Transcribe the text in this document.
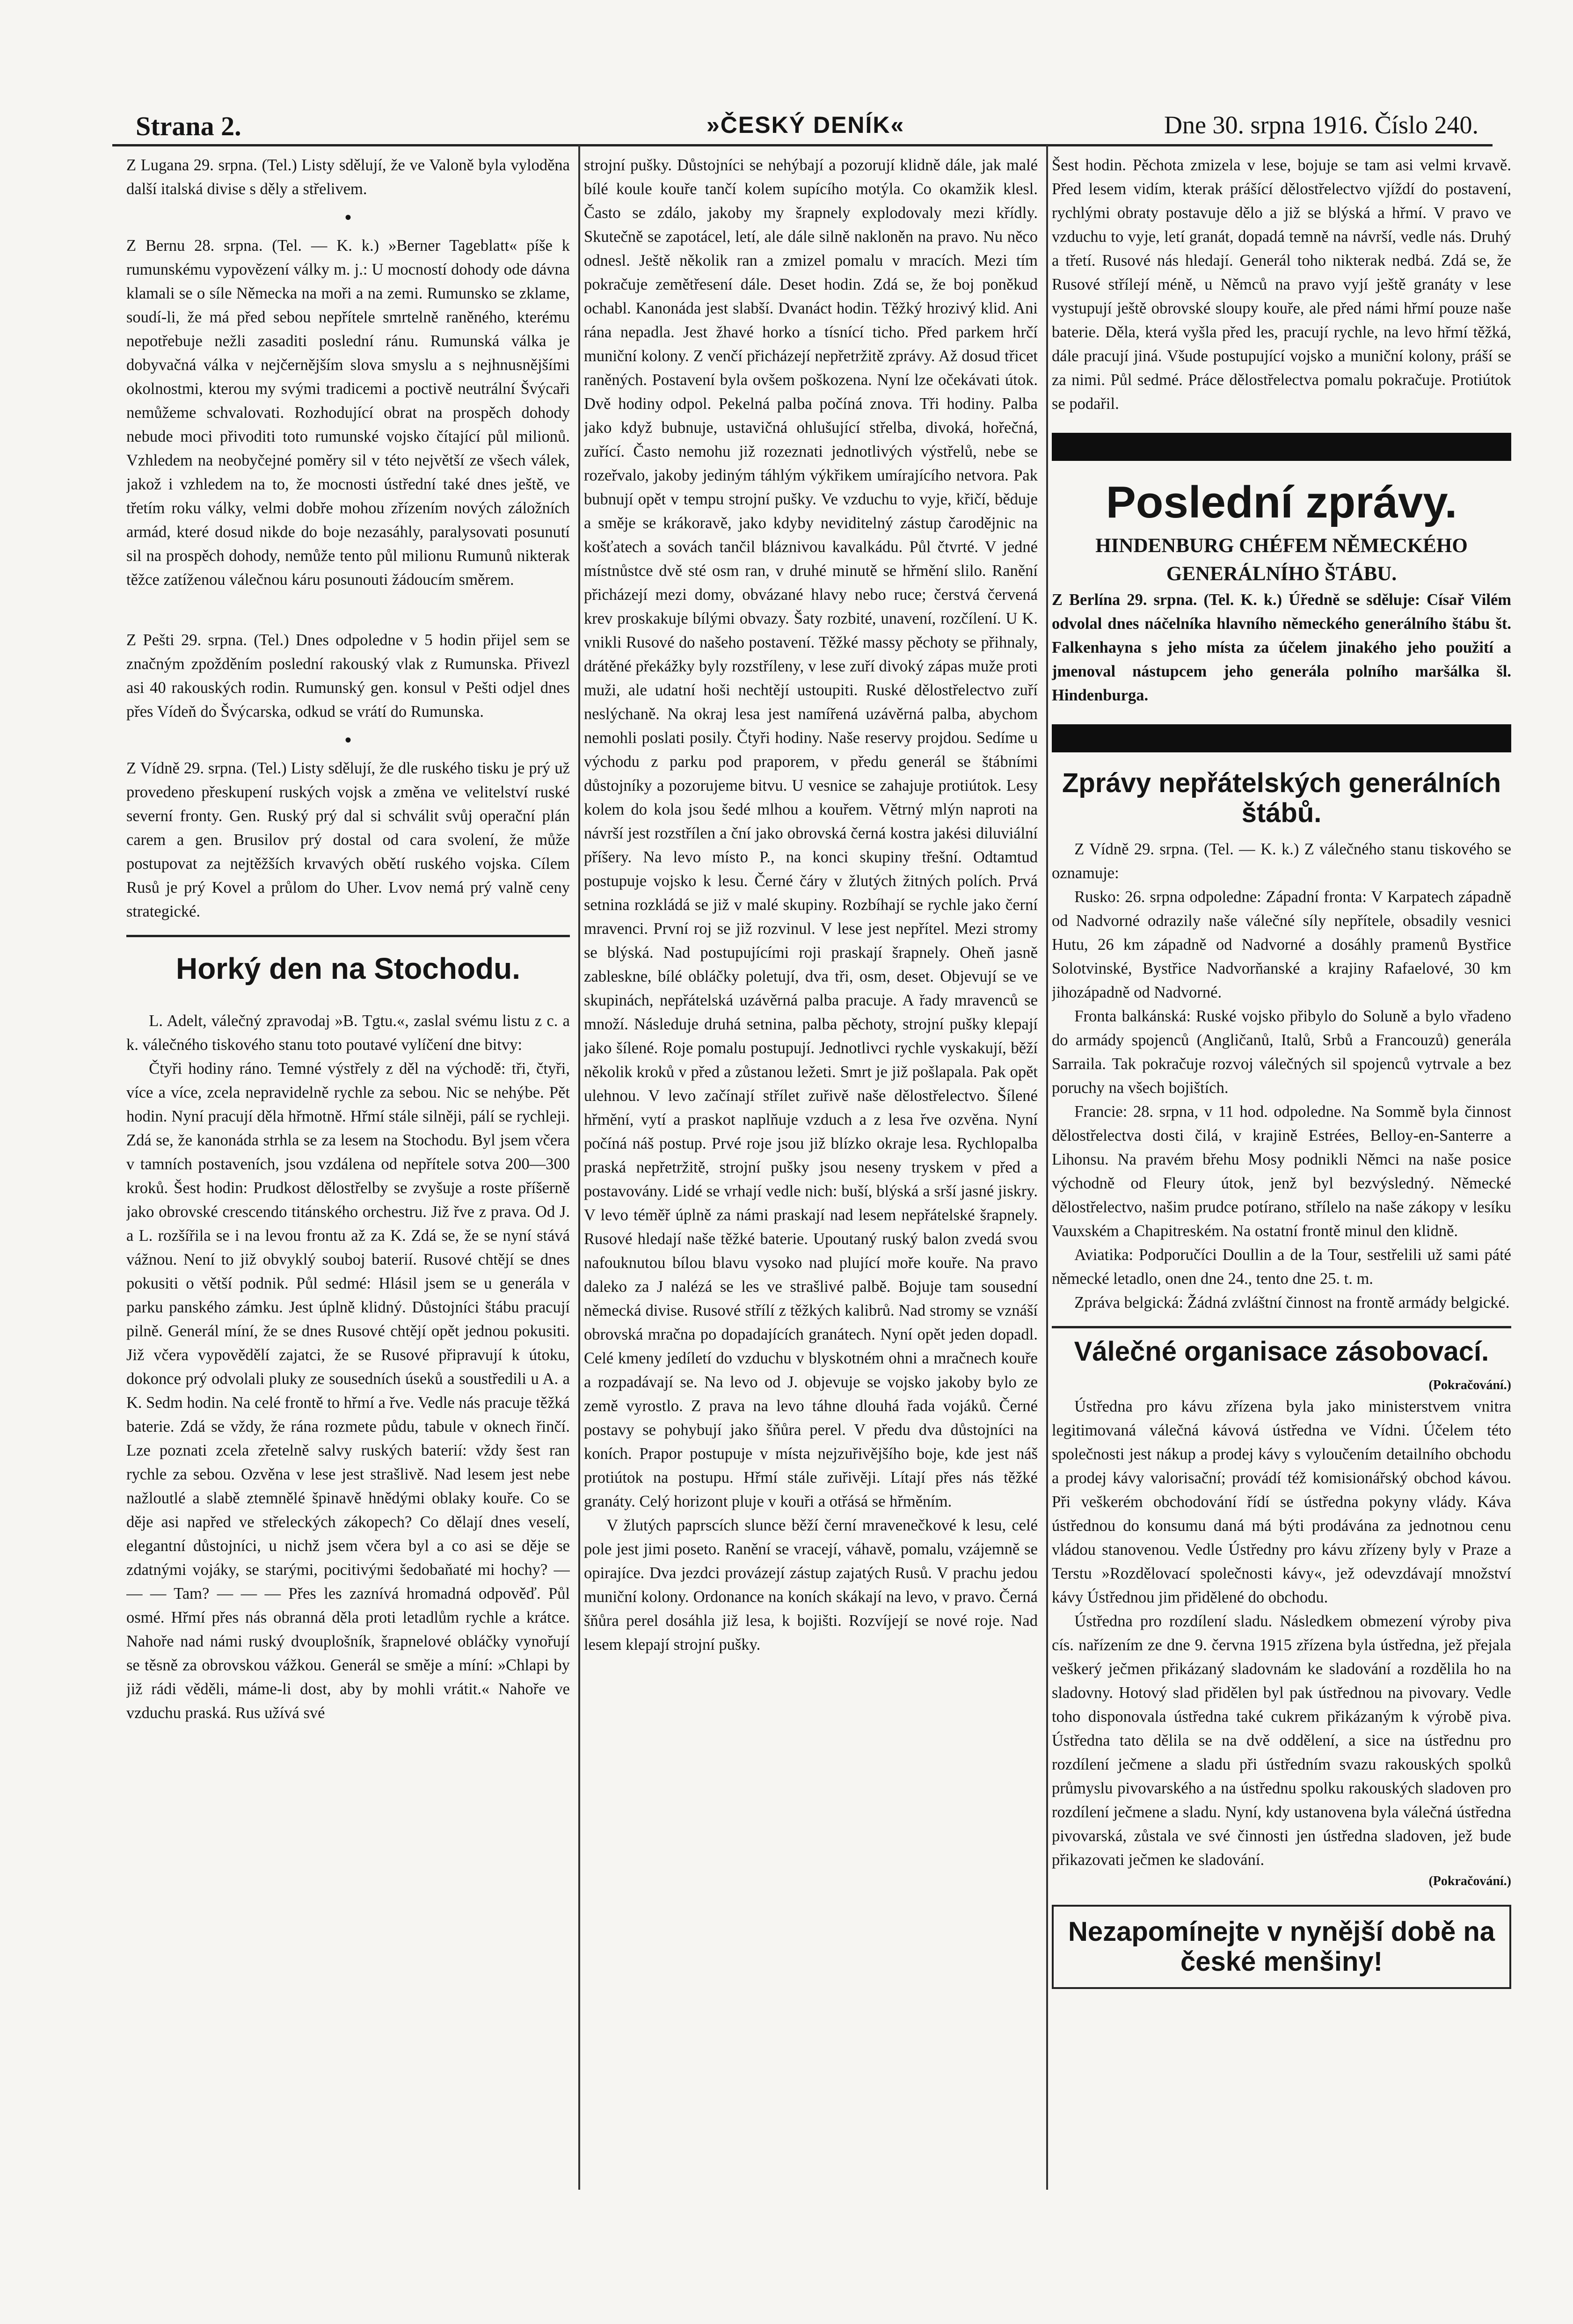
Strana 2.	»ČESKÝ DENÍK«	Dne 30. srpna 1916. Číslo 240.

Z Lugana 29. srpna. (Tel.) Listy sdělují, že ve Valoně byla vyloděna další italská divise s děly a střelivem.

•

Z Bernu 28. srpna. (Tel. — K. k.) »Berner Tageblatt« píše k rumunskému vypovězení války m. j.: U mocností dohody ode dávna klamali se o síle Německa na moři a na zemi. Rumunsko se zklame, soudí-li, že má před sebou nepřítele smrtelně raněného, kterému nepotřebuje nežli zasaditi poslední ránu. Rumunská válka je dobyvačná válka v nejčernějším slova smyslu a s nejhnusnějšími okolnostmi, kterou my svými tradicemi a poctivě neutrální Švýcaři nemůžeme schvalovati. Rozhodující obrat na prospěch dohody nebude moci přivoditi toto rumunské vojsko čítající půl milionů. Vzhledem na neobyčejné poměry sil v této největší ze všech válek, jakož i vzhledem na to, že mocnosti ústřední také dnes ještě, ve třetím roku války, velmi dobře mohou zřízením nových záložních armád, které dosud nikde do boje nezasáhly, paralysovati posunutí sil na prospěch dohody, nemůže tento půl milionu Rumunů nikterak těžce zatíženou válečnou káru posunouti žádoucím směrem.

Z Pešti 29. srpna. (Tel.) Dnes odpoledne v 5 hodin přijel sem se značným zpožděním poslední rakouský vlak z Rumunska. Přivezl asi 40 rakouských rodin. Rumunský gen. konsul v Pešti odjel dnes přes Vídeň do Švýcarska, odkud se vrátí do Rumunska.

•

Z Vídně 29. srpna. (Tel.) Listy sdělují, že dle ruského tisku je prý už provedeno přeskupení ruských vojsk a změna ve velitelství ruské severní fronty. Gen. Ruský prý dal si schválit svůj operační plán carem a gen. Brusilov prý dostal od cara svolení, že může postupovat za nejtěžších krvavých obětí ruského vojska. Cílem Rusů je prý Kovel a průlom do Uher. Lvov nemá prý valně ceny strategické.

Horký den na Stochodu.

L. Adelt, válečný zpravodaj »B. Tgtu.«, zaslal svému listu z c. a k. válečného tiskového stanu toto poutavé vylíčení dne bitvy:

Čtyři hodiny ráno. Temné výstřely z děl na východě: tři, čtyři, více a více, zcela nepravidelně rychle za sebou. Nic se nehýbe. Pět hodin. Nyní pracují děla hřmotně. Hřmí stále silněji, pálí se rychleji. Zdá se, že kanonáda strhla se za lesem na Stochodu. Byl jsem včera v tamních postaveních, jsou vzdálena od nepřítele sotva 200—300 kroků. Šest hodin: Prudkost dělostřelby se zvyšuje a roste příšerně jako obrovské crescendo titánského orchestru. Již řve z prava. Od J. a L. rozšířila se i na levou frontu až za K. Zdá se, že se nyní stává vážnou. Není to již obvyklý souboj baterií. Rusové chtějí se dnes pokusiti o větší podnik. Půl sedmé: Hlásil jsem se u generála v parku panského zámku. Jest úplně klidný. Důstojníci štábu pracují pilně. Generál míní, že se dnes Rusové chtějí opět jednou pokusiti. Již včera vypovědělí zajatci, že se Rusové připravují k útoku, dokonce prý odvolali pluky ze sousedních úseků a soustředili u A. a K. Sedm hodin. Na celé frontě to hřmí a řve. Vedle nás pracuje těžká baterie. Zdá se vždy, že rána rozmete půdu, tabule v oknech řinčí. Lze poznati zcela zřetelně salvy ruských baterií: vždy šest ran rychle za sebou. Ozvěna v lese jest strašlivě. Nad lesem jest nebe nažloutlé a slabě ztemnělé špinavě hnědými oblaky kouře. Co se děje asi napřed ve střeleckých zákopech? Co dělají dnes veselí, elegantní důstojníci, u nichž jsem včera byl a co asi se děje se zdatnými vojáky, se starými, pocitivými šedobaňaté mi hochy? — — — Tam? — — — Přes les zaznívá hromadná odpověď. Půl osmé. Hřmí přes nás obranná děla proti letadlům rychle a krátce. Nahoře nad námi ruský dvouplošník, šrapnelové obláčky vynořují se těsně za obrovskou vážkou. Generál se směje a míní: »Chlapi by již rádi věděli, máme-li dost, aby by mohli vrátit.« Nahoře ve vzduchu praská. Rus užívá své

strojní pušky. Důstojníci se nehýbají a pozorují klidně dále, jak malé bílé koule kouře tančí kolem supícího motýla. Co okamžik klesl. Často se zdálo, jakoby my šrapnely explodovaly mezi křídly. Skutečně se zapotácel, letí, ale dále silně nakloněn na pravo. Nu něco odnesl. Ještě několik ran a zmizel pomalu v mracích. Mezi tím pokračuje zemětřesení dále. Deset hodin. Zdá se, že boj poněkud ochabl. Kanonáda jest slabší. Dvanáct hodin. Těžký hrozivý klid. Ani rána nepadla. Jest žhavé horko a tísnící ticho. Před parkem hrčí muniční kolony. Z venčí přicházejí nepřetržitě zprávy. Až dosud třicet raněných. Postavení byla ovšem poškozena. Nyní lze očekávati útok. Dvě hodiny odpol. Pekelná palba počíná znova. Tři hodiny. Palba jako když bubnuje, ustavičná ohlušující střelba, divoká, hořečná, zuřící. Často nemohu již rozeznati jednotlivých výstřelů, nebe se rozeřvalo, jakoby jediným táhlým výkřikem umírajícího netvora. Pak bubnují opět v tempu strojní pušky. Ve vzduchu to vyje, křičí, běduje a směje se krákoravě, jako kdyby neviditelný zástup čarodějnic na košťatech a sovách tančil bláznivou kavalkádu. Půl čtvrté. V jedné místnůstce dvě sté osm ran, v druhé minutě se hřmění slilo. Ranění přicházejí mezi domy, obvázané hlavy nebo ruce; čerstvá červená krev proskakuje bílými obvazy. Šaty rozbité, unavení, rozčílení. U K. vnikli Rusové do našeho postavení. Těžké massy pěchoty se přihnaly, drátěné překážky byly rozstříleny, v lese zuří divoký zápas muže proti muži, ale udatní hoši nechtějí ustoupiti. Ruské dělostřelectvo zuří neslýchaně. Na okraj lesa jest namířená uzávěrná palba, abychom nemohli poslati posily. Čtyři hodiny. Naše reservy projdou. Sedíme u východu z parku pod praporem, v předu generál se štábními důstojníky a pozorujeme bitvu. U vesnice se zahajuje protiútok. Lesy kolem do kola jsou šedé mlhou a kouřem. Větrný mlýn naproti na návrší jest rozstřílen a ční jako obrovská černá kostra jakési diluviální příšery. Na levo místo P., na konci skupiny třešní. Odtamtud postupuje vojsko k lesu. Černé čáry v žlutých žitných polích. Prvá setnina rozkládá se již v malé skupiny. Rozbíhají se rychle jako černí mravenci. První roj se již rozvinul. V lese jest nepřítel. Mezi stromy se blýská. Nad postupujícími roji praskají šrapnely. Oheň jasně zableskne, bílé obláčky poletují, dva tři, osm, deset. Objevují se ve skupinách, nepřátelská uzávěrná palba pracuje. A řady mravenců se množí. Následuje druhá setnina, palba pěchoty, strojní pušky klepají jako šílené. Roje pomalu postupují. Jednotlivci rychle vyskakují, běží několik kroků v před a zůstanou ležeti. Smrt je již pošlapala. Pak opět ulehnou. V levo začínají střílet zuřivě naše dělostřelectvo. Šílené hřmění, vytí a praskot naplňuje vzduch a z lesa řve ozvěna. Nyní počíná náš postup. Prvé roje jsou již blízko okraje lesa. Rychlopalba praská nepřetržitě, strojní pušky jsou neseny tryskem v před a postavovány. Lidé se vrhají vedle nich: buší, blýská a srší jasné jiskry. V levo téměř úplně za námi praskají nad lesem nepřátelské šrapnely. Rusové hledají naše těžké baterie. Upoutaný ruský balon zvedá svou nafouknutou bílou blavu vysoko nad plující moře kouře. Na pravo daleko za J nalézá se les ve strašlivé palbě. Bojuje tam sousední německá divise. Rusové střílí z těžkých kalibrů. Nad stromy se vznáší obrovská mračna po dopadajících granátech. Nyní opět jeden dopadl. Celé kmeny jedíletí do vzduchu v blyskotném ohni a mračnech kouře a rozpadávají se. Na levo od J. objevuje se vojsko jakoby bylo ze země vyrostlo. Z prava na levo táhne dlouhá řada vojáků. Černé postavy se pohybují jako šňůra perel. V předu dva důstojníci na koních. Prapor postupuje v místa nejzuřivějšího boje, kde jest náš protiútok na postupu. Hřmí stále zuřivěji. Lítají přes nás těžké granáty. Celý horizont pluje v kouři a otřásá se hřměním.

V žlutých paprscích slunce běží černí mravenečkové k lesu, celé pole jest jimi poseto. Ranění se vracejí, váhavě, pomalu, vzájemně se opirajíce. Dva jezdci provázejí zástup zajatých Rusů. V prachu jedou muniční kolony. Ordonance na koních skákají na levo, v pravo. Černá šňůra perel dosáhla již lesa, k bojišti. Rozvíjejí se nové roje. Nad lesem klepají strojní pušky.

Šest hodin. Pěchota zmizela v lese, bojuje se tam asi velmi krvavě. Před lesem vidím, kterak prášící dělostřelectvo vjíždí do postavení, rychlými obraty postavuje dělo a již se blýská a hřmí. V pravo ve vzduchu to vyje, letí granát, dopadá temně na návrší, vedle nás. Druhý a třetí. Rusové nás hledají. Generál toho nikterak nedbá. Zdá se, že Rusové střílejí méně, u Němců na pravo vyjí ještě granáty v lese vystupují ještě obrovské sloupy kouře, ale před námi hřmí pouze naše baterie. Děla, která vyšla před les, pracují rychle, na levo hřmí těžká, dále pracují jiná. Všude postupující vojsko a muniční kolony, práší se za nimi. Půl sedmé. Práce dělostřelectva pomalu pokračuje. Protiútok se podařil.

Poslední zprávy.
HINDENBURG CHÉFEM NĚMECKÉHO GENERÁLNÍHO ŠTÁBU.

Z Berlína 29. srpna. (Tel. K. k.) Úředně se sděluje: Císař Vilém odvolal dnes náčelníka hlavního německého generálního štábu št. Falkenhayna s jeho místa za účelem jinakého jeho použití a jmenoval nástupcem jeho generála polního maršálka šl. Hindenburga.

Zprávy nepřátelských generálních štábů.

Z Vídně 29. srpna. (Tel. — K. k.) Z válečného stanu tiskového se oznamuje:

Rusko: 26. srpna odpoledne: Západní fronta: V Karpatech západně od Nadvorné odrazily naše válečné síly nepřítele, obsadily vesnici Hutu, 26 km západně od Nadvorné a dosáhly pramenů Bystřice Solotvinské, Bystřice Nadvorňanské a krajiny Rafaelové, 30 km jihozápadně od Nadvorné.

Fronta balkánská: Ruské vojsko přibylo do Soluně a bylo vřadeno do armády spojenců (Angličanů, Italů, Srbů a Francouzů) generála Sarraila. Tak pokračuje rozvoj válečných sil spojenců vytrvale a bez poruchy na všech bojištích.

Francie: 28. srpna, v 11 hod. odpoledne. Na Sommě byla činnost dělostřelectva dosti čilá, v krajině Estrées, Belloy-en-Santerre a Lihonsu. Na pravém břehu Mosy podnikli Němci na naše posice východně od Fleury útok, jenž byl bezvýsledný. Německé dělostřelectvo, našim prudce potírano, střílelo na naše zákopy v lesíku Vauxském a Chapitreském. Na ostatní frontě minul den klidně.

Aviatika: Podporučíci Doullin a de la Tour, sestřelili už sami páté německé letadlo, onen dne 24., tento dne 25. t. m.

Zpráva belgická: Žádná zvláštní činnost na frontě armády belgické.

Válečné organisace zásobovací.
(Pokračování.)

Ústředna pro kávu zřízena byla jako ministerstvem vnitra legitimovaná válečná kávová ústředna ve Vídni. Účelem této společnosti jest nákup a prodej kávy s vyloučením detailního obchodu a prodej kávy valorisační; provádí též komisionářský obchod kávou. Při veškerém obchodování řídí se ústředna pokyny vlády. Káva ústřednou do konsumu daná má býti prodávána za jednotnou cenu vládou stanovenou. Vedle Ústředny pro kávu zřízeny byly v Praze a Terstu »Rozdělovací společnosti kávy«, jež odevzdávají množství kávy Ústřednou jim přidělené do obchodu.

Ústředna pro rozdílení sladu. Následkem obmezení výroby piva cís. nařízením ze dne 9. června 1915 zřízena byla ústředna, jež přejala veškerý ječmen přikázaný sladovnám ke sladování a rozdělila ho na sladovny. Hotový slad přidělen byl pak ústřednou na pivovary. Vedle toho disponovala ústředna také cukrem přikázaným k výrobě piva. Ústředna tato dělila se na dvě oddělení, a sice na ústřednu pro rozdílení ječmene a sladu při ústředním svazu rakouských spolků průmyslu pivovarského a na ústřednu spolku rakouských sladoven pro rozdílení ječmene a sladu. Nyní, kdy ustanovena byla válečná ústředna pivovarská, zůstala ve své činnosti jen ústředna sladoven, jež bude přikazovati ječmen ke sladování.

(Pokračování.)
Nezapomínejte v nynější době na české menšiny!
